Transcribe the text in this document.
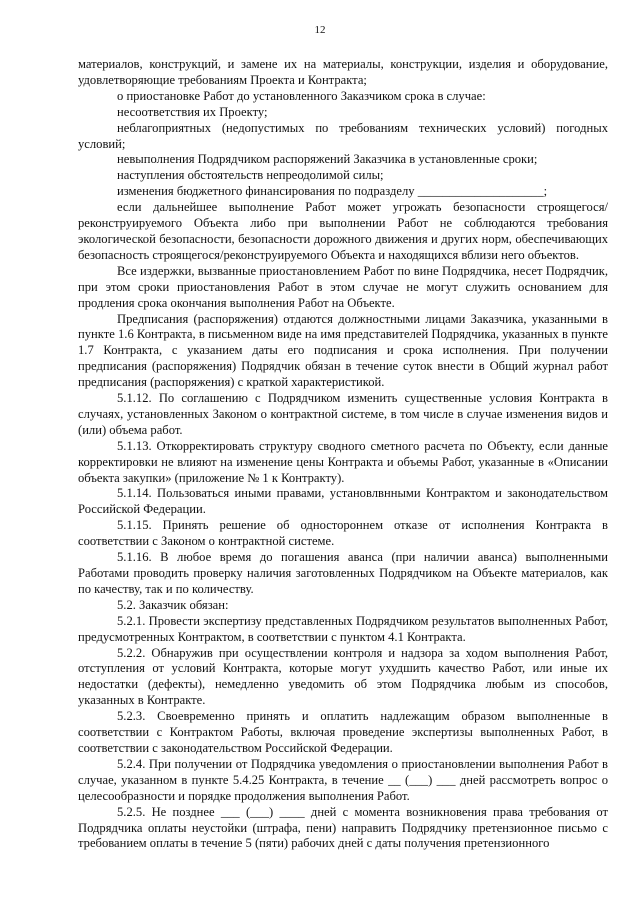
12

материалов, конструкций, и замене их на материалы, конструкции, изделия и оборудование, удовлетворяющие требованиям Проекта и Контракта;

о приостановке Работ до установленного Заказчиком срока в случае:

несоответствия их Проекту;

неблагоприятных (недопустимых по требованиям технических условий) погодных условий;

невыполнения Подрядчиком распоряжений Заказчика в установленные сроки;

наступления обстоятельств непреодолимой силы;

изменения бюджетного финансирования по подразделу ____________________;

если дальнейшее выполнение Работ может угрожать безопасности строящегося/реконструируемого Объекта либо при выполнении Работ не соблюдаются требования экологической безопасности, безопасности дорожного движения и других норм, обеспечивающих безопасность строящегося/реконструируемого Объекта и находящихся вблизи него объектов.

Все издержки, вызванные приостановлением Работ по вине Подрядчика, несет Подрядчик, при этом сроки приостановления Работ в этом случае не могут служить основанием для продления срока окончания выполнения Работ на Объекте.

Предписания (распоряжения) отдаются должностными лицами Заказчика, указанными в пункте 1.6 Контракта, в письменном виде на имя представителей Подрядчика, указанных в пункте 1.7 Контракта, с указанием даты его подписания и срока исполнения. При получении предписания (распоряжения) Подрядчик обязан в течение суток внести в Общий журнал работ предписания (распоряжения) с краткой характеристикой.

5.1.12. По соглашению с Подрядчиком изменить существенные условия Контракта в случаях, установленных Законом о контрактной системе, в том числе в случае изменения видов и (или) объема работ.

5.1.13. Откорректировать структуру сводного сметного расчета по Объекту, если данные корректировки не влияют на изменение цены Контракта и объемы Работ, указанные в «Описании объекта закупки» (приложение № 1 к Контракту).

5.1.14. Пользоваться иными правами, установлвнными Контрактом и законодательством Российской Федерации.

5.1.15. Принять решение об одностороннем отказе от исполнения Контракта в соответствии с Законом о контрактной системе.

5.1.16. В любое время до погашения аванса (при наличии аванса) выполненными Работами проводить проверку наличия заготовленных Подрядчиком на Объекте материалов, как по качеству, так и по количеству.

5.2. Заказчик обязан:

5.2.1. Провести экспертизу представленных Подрядчиком результатов выполненных Работ, предусмотренных Контрактом, в соответствии с пунктом 4.1 Контракта.

5.2.2. Обнаружив при осуществлении контроля и надзора за ходом выполнения Работ, отступления от условий Контракта, которые могут ухудшить качество Работ, или иные их недостатки (дефекты), немедленно уведомить об этом Подрядчика любым из способов, указанных в Контракте.

5.2.3. Своевременно принять и оплатить надлежащим образом выполненные в соответствии с Контрактом Работы, включая проведение экспертизы выполненных Работ, в соответствии с законодательством Российской Федерации.

5.2.4. При получении от Подрядчика уведомления о приостановлении выполнения Работ в случае, указанном в пункте 5.4.25 Контракта, в течение __ (___) ___ дней рассмотреть вопрос о целесообразности и порядке продолжения выполнения Работ.

5.2.5. Не позднее ___ (___) ____ дней с момента возникновения права требования от Подрядчика оплаты неустойки (штрафа, пени) направить Подрядчику претензионное письмо с требованием оплаты в течение 5 (пяти) рабочих дней с даты получения претензионного
